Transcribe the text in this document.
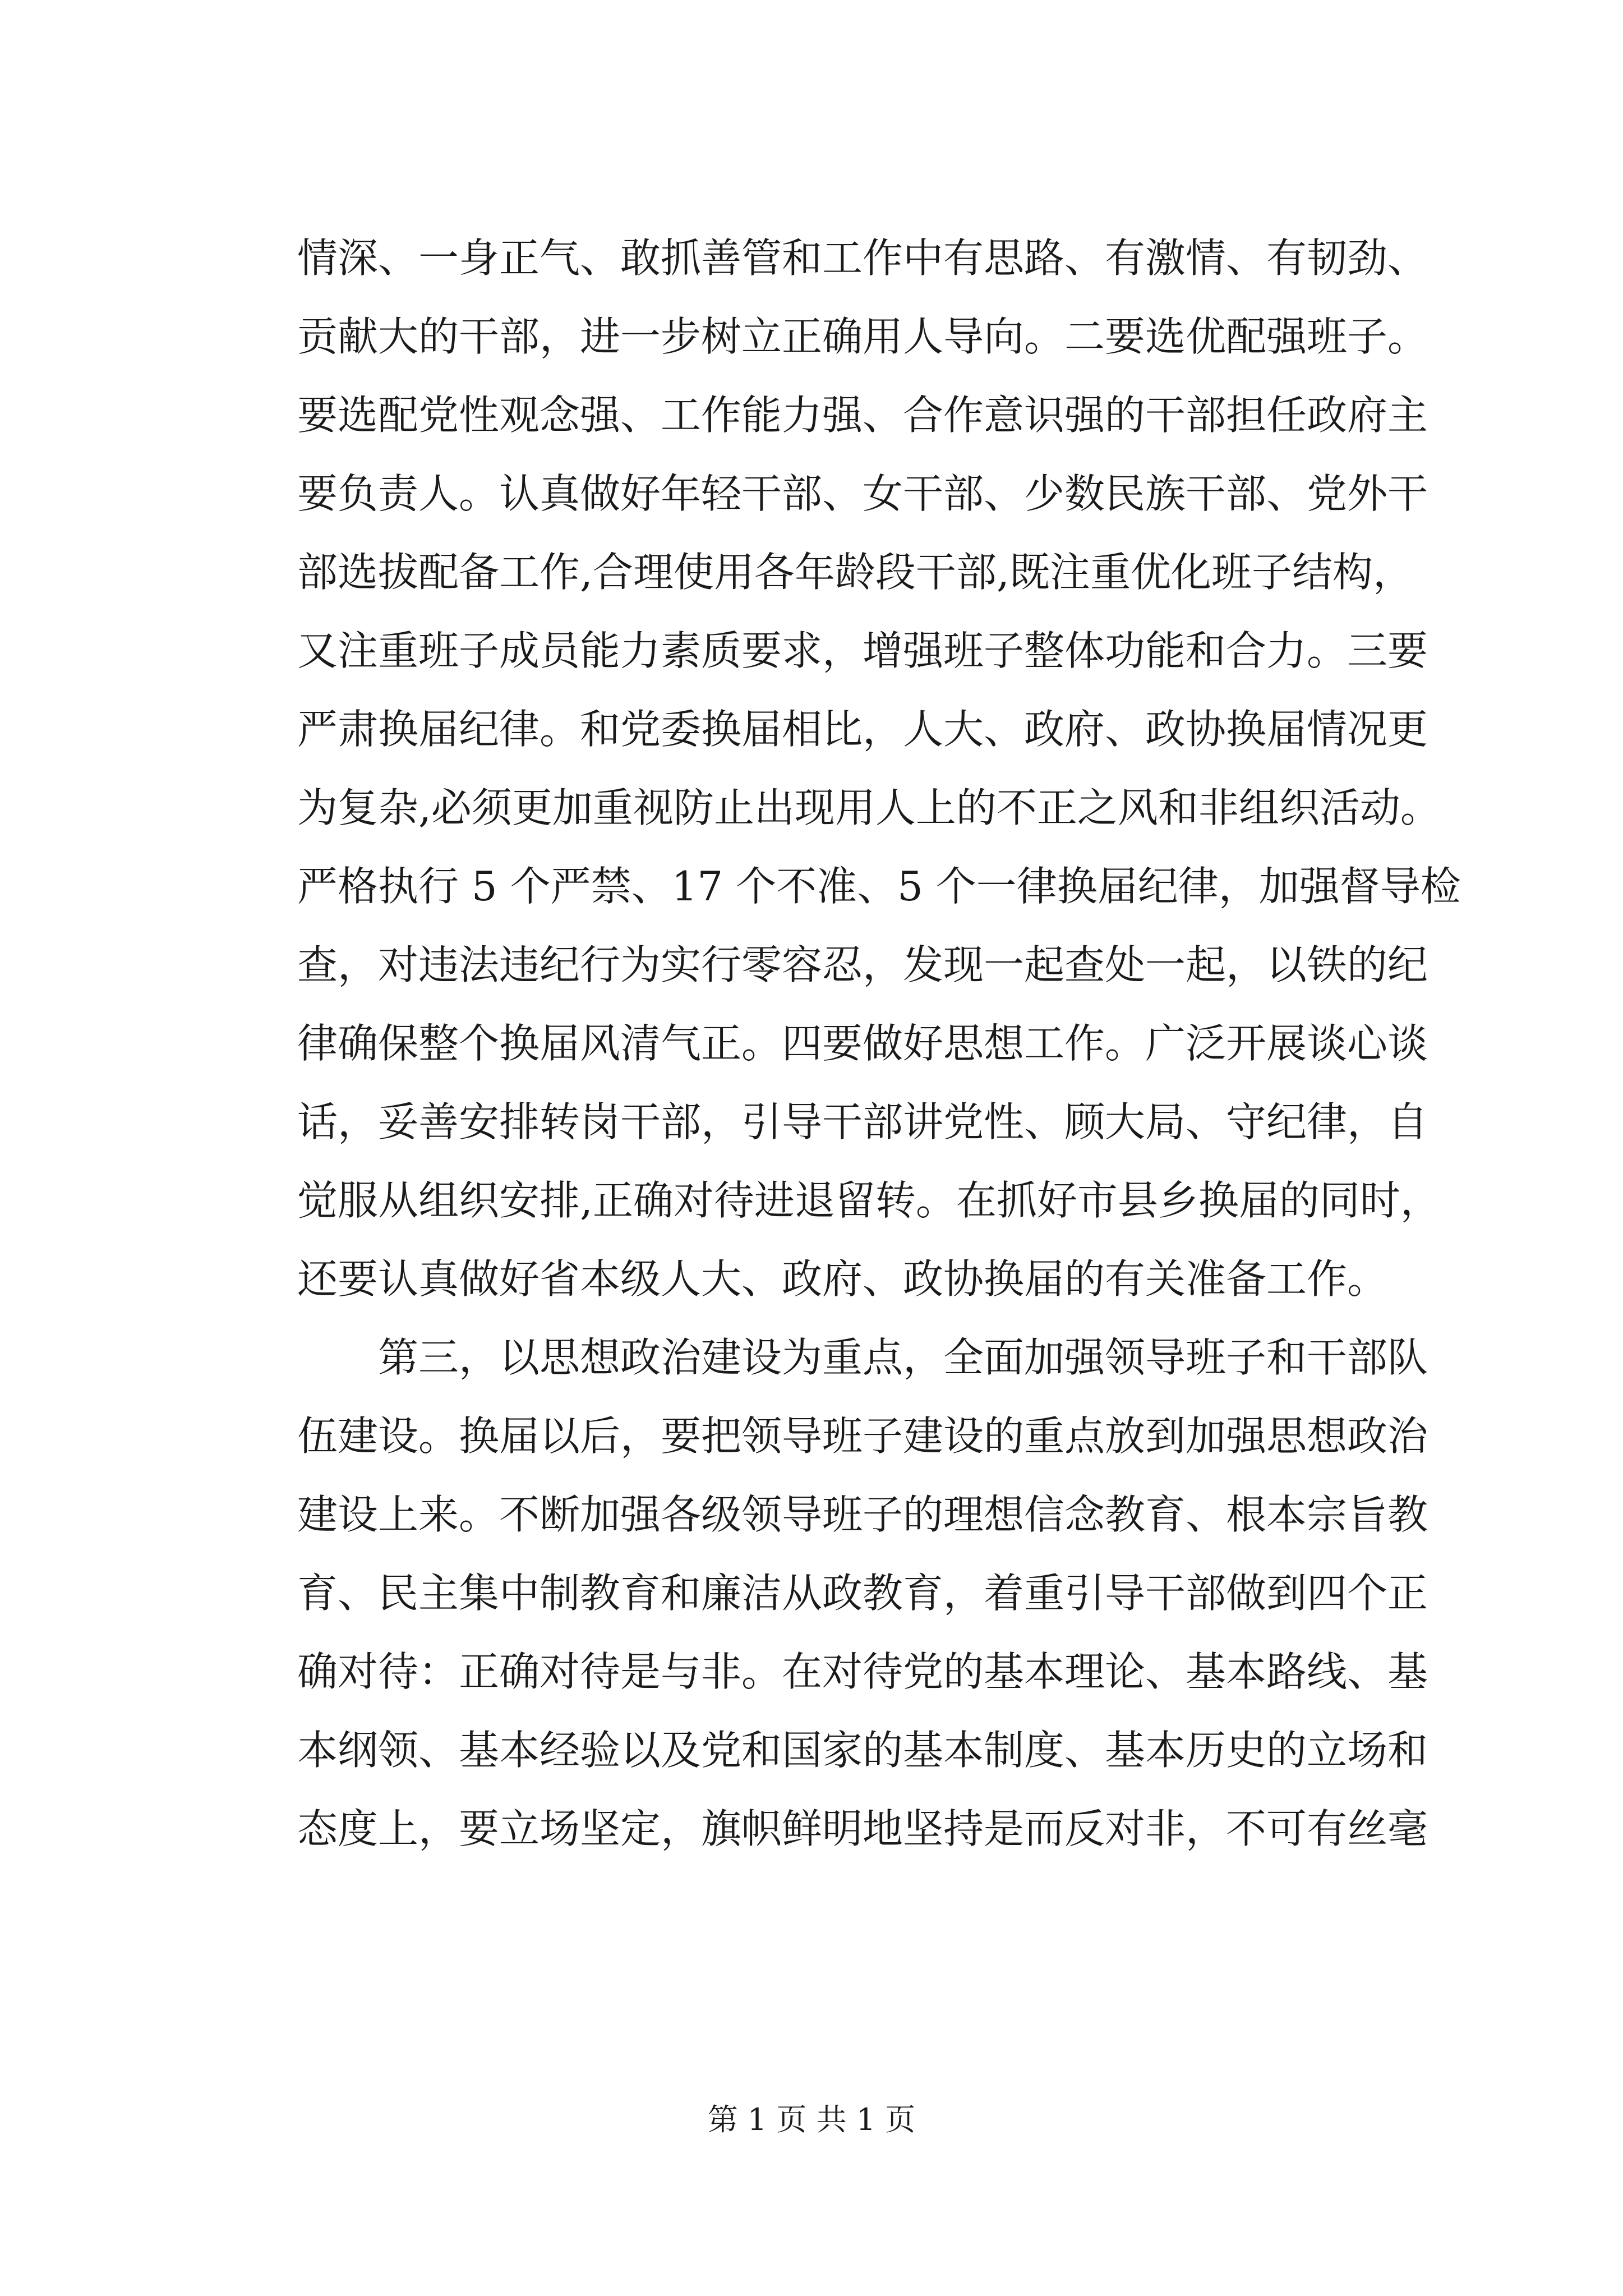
情深、一身正气、敢抓善管和工作中有思路、有激情、有韧劲、
贡献大的干部，进一步树立正确用人导向。二要选优配强班子。
要选配党性观念强、工作能力强、合作意识强的干部担任政府主
要负责人。认真做好年轻干部、女干部、少数民族干部、党外干
部选拔配备工作,合理使用各年龄段干部,既注重优化班子结构，
又注重班子成员能力素质要求，增强班子整体功能和合力。三要
严肃换届纪律。和党委换届相比，人大、政府、政协换届情况更
为复杂,必须更加重视防止出现用人上的不正之风和非组织活动。
严格执行 5 个严禁、17 个不准、5 个一律换届纪律，加强督导检
查，对违法违纪行为实行零容忍，发现一起查处一起，以铁的纪
律确保整个换届风清气正。四要做好思想工作。广泛开展谈心谈
话，妥善安排转岗干部，引导干部讲党性、顾大局、守纪律，自
觉服从组织安排,正确对待进退留转。在抓好市县乡换届的同时，
还要认真做好省本级人大、政府、政协换届的有关准备工作。
第三，以思想政治建设为重点，全面加强领导班子和干部队
伍建设。换届以后，要把领导班子建设的重点放到加强思想政治
建设上来。不断加强各级领导班子的理想信念教育、根本宗旨教
育、民主集中制教育和廉洁从政教育，着重引导干部做到四个正
确对待：正确对待是与非。在对待党的基本理论、基本路线、基
本纲领、基本经验以及党和国家的基本制度、基本历史的立场和
态度上，要立场坚定，旗帜鲜明地坚持是而反对非，不可有丝毫
第 1 页 共 1 页
